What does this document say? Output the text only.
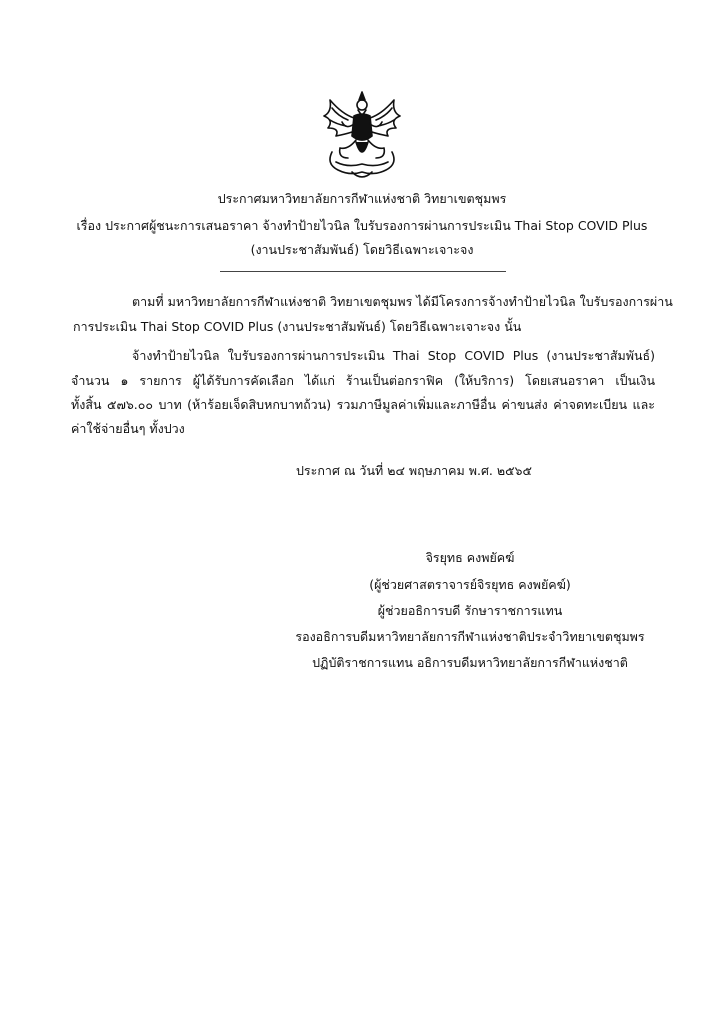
ประกาศมหาวิทยาลัยการกีฬาแห่งชาติ วิทยาเขตชุมพร
เรื่อง ประกาศผู้ชนะการเสนอราคา จ้างทำป้ายไวนิล ใบรับรองการผ่านการประเมิน Thai Stop COVID Plus
(งานประชาสัมพันธ์) โดยวิธีเฉพาะเจาะจง
ตามที่ มหาวิทยาลัยการกีฬาแห่งชาติ วิทยาเขตชุมพร ได้มีโครงการจ้างทำป้ายไวนิล ใบรับรองการผ่าน
การประเมิน Thai Stop COVID Plus (งานประชาสัมพันธ์) โดยวิธีเฉพาะเจาะจง นั้น
จ้างทำป้ายไวนิล ใบรับรองการผ่านการประเมิน Thai Stop COVID Plus (งานประชาสัมพันธ์)
จำนวน ๑ รายการ ผู้ได้รับการคัดเลือก ได้แก่ ร้านเป็นต่อกราฟิค (ให้บริการ) โดยเสนอราคา เป็นเงิน
ทั้งสิ้น ๕๗๖.๐๐ บาท (ห้าร้อยเจ็ดสิบหกบาทถ้วน) รวมภาษีมูลค่าเพิ่มและภาษีอื่น ค่าขนส่ง ค่าจดทะเบียน และ
ค่าใช้จ่ายอื่นๆ ทั้งปวง
ประกาศ ณ วันที่ ๒๔ พฤษภาคม พ.ศ. ๒๕๖๕
จิรยุทธ คงพยัคฆ์
(ผู้ช่วยศาสตราจารย์จิรยุทธ คงพยัคฆ์)
ผู้ช่วยอธิการบดี รักษาราชการแทน
รองอธิการบดีมหาวิทยาลัยการกีฬาแห่งชาติประจำวิทยาเขตชุมพร
ปฏิบัติราชการแทน อธิการบดีมหาวิทยาลัยการกีฬาแห่งชาติ
